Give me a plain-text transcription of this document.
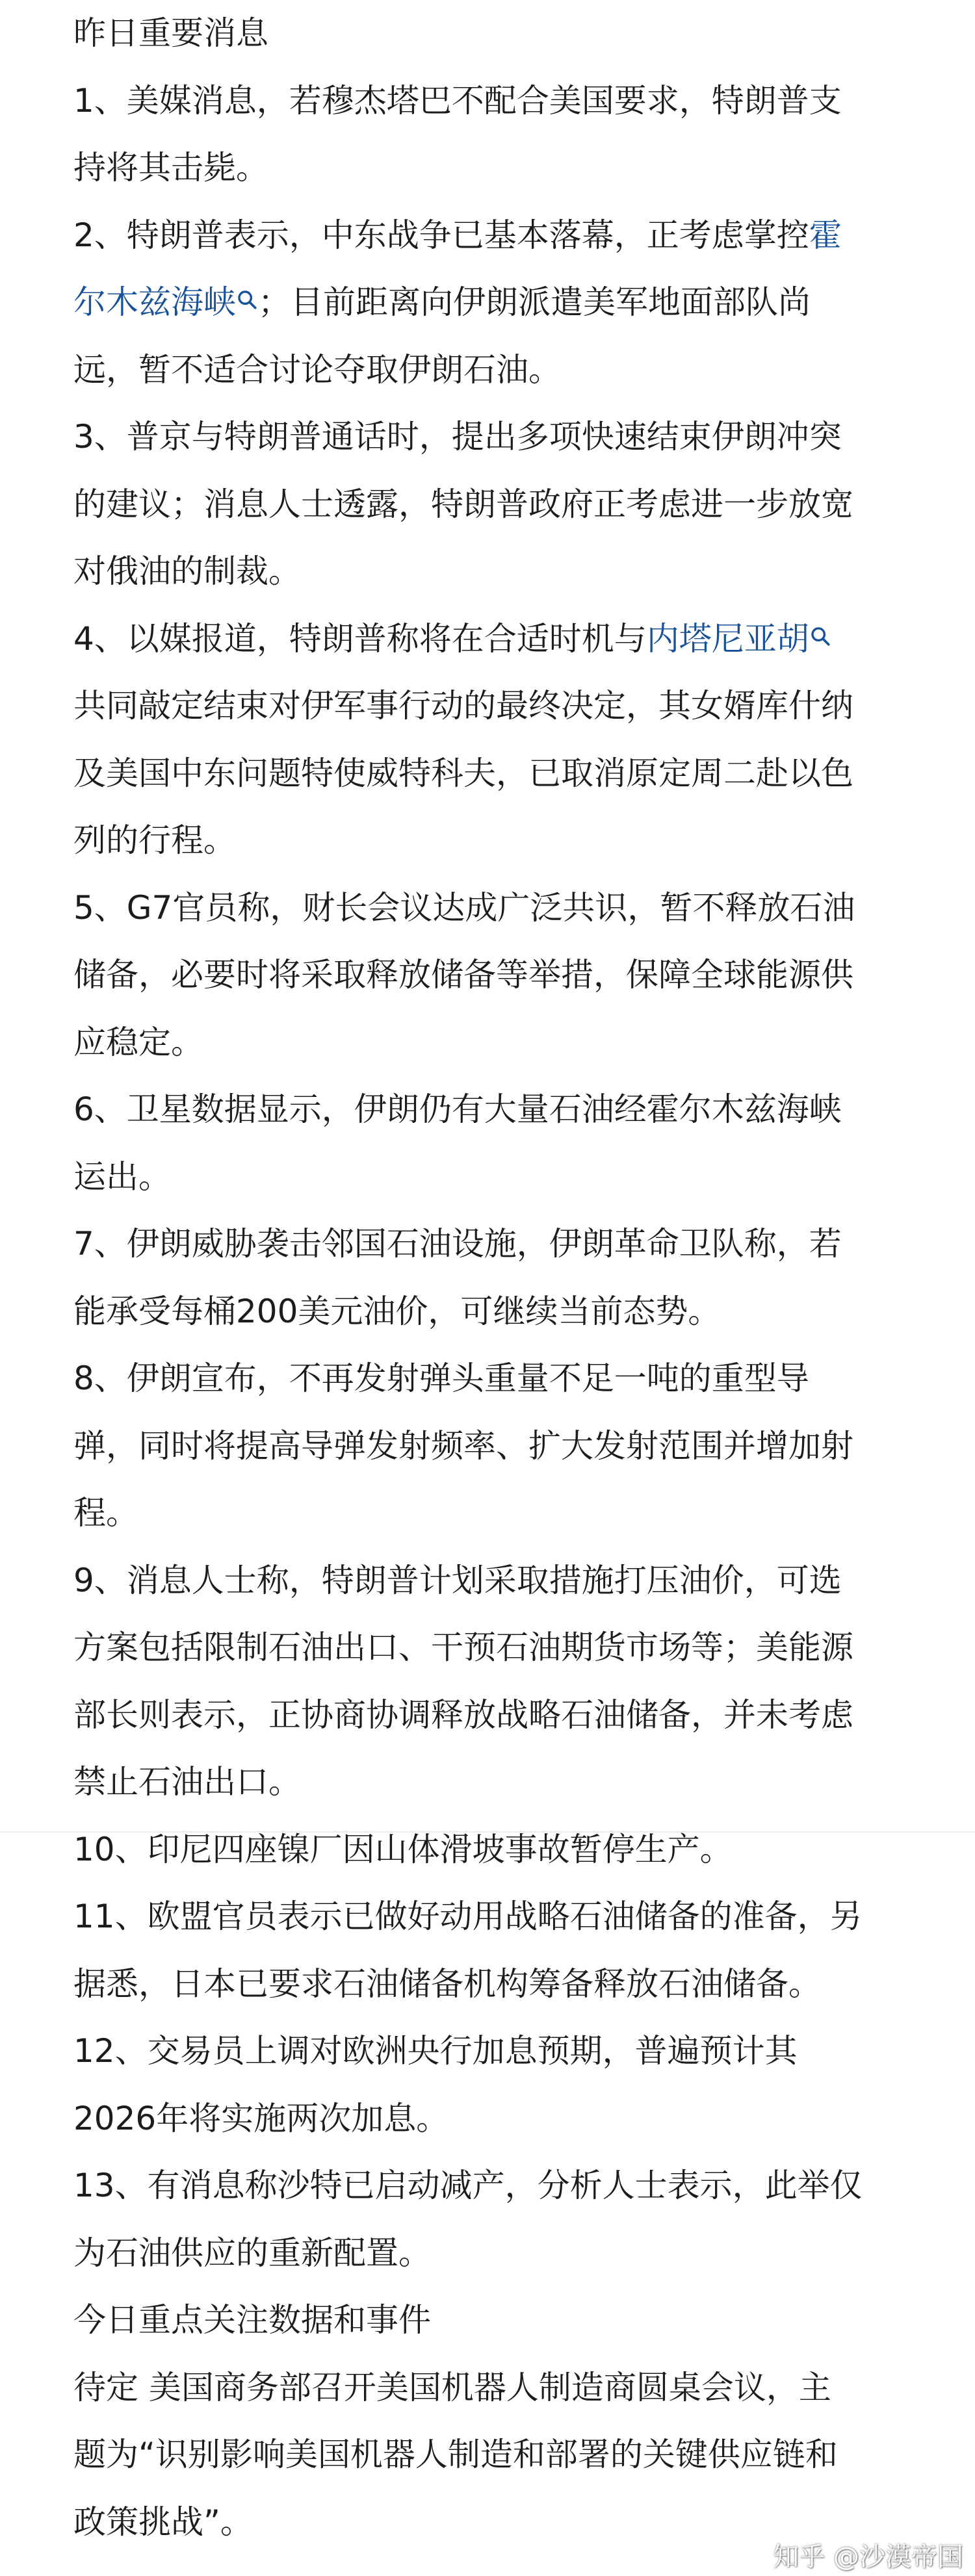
昨日重要消息
1、美媒消息，若穆杰塔巴不配合美国要求，特朗普支
持将其击毙。
2、特朗普表示，中东战争已基本落幕，正考虑掌控霍
尔木兹海峡 ；目前距离向伊朗派遣美军地面部队尚
远，暂不适合讨论夺取伊朗石油。
3、普京与特朗普通话时，提出多项快速结束伊朗冲突
的建议；消息人士透露，特朗普政府正考虑进一步放宽
对俄油的制裁。
4、以媒报道，特朗普称将在合适时机与内塔尼亚胡
共同敲定结束对伊军事行动的最终决定，其女婿库什纳
及美国中东问题特使威特科夫，已取消原定周二赴以色
列的行程。
5、G7官员称，财长会议达成广泛共识，暂不释放石油
储备，必要时将采取释放储备等举措，保障全球能源供
应稳定。
6、卫星数据显示，伊朗仍有大量石油经霍尔木兹海峡
运出。
7、伊朗威胁袭击邻国石油设施，伊朗革命卫队称，若
能承受每桶200美元油价，可继续当前态势。
8、伊朗宣布，不再发射弹头重量不足一吨的重型导
弹，同时将提高导弹发射频率、扩大发射范围并增加射
程。
9、消息人士称，特朗普计划采取措施打压油价，可选
方案包括限制石油出口、干预石油期货市场等；美能源
部长则表示，正协商协调释放战略石油储备，并未考虑
禁止石油出口。
10、印尼四座镍厂因山体滑坡事故暂停生产。
11、欧盟官员表示已做好动用战略石油储备的准备，另
据悉，日本已要求石油储备机构筹备释放石油储备。
12、交易员上调对欧洲央行加息预期，普遍预计其
2026年将实施两次加息。
13、有消息称沙特已启动减产，分析人士表示，此举仅
为石油供应的重新配置。
今日重点关注数据和事件
待定 美国商务部召开美国机器人制造商圆桌会议，主
题为“识别影响美国机器人制造和部署的关键供应链和
政策挑战”。
知乎 @沙漠帝国
